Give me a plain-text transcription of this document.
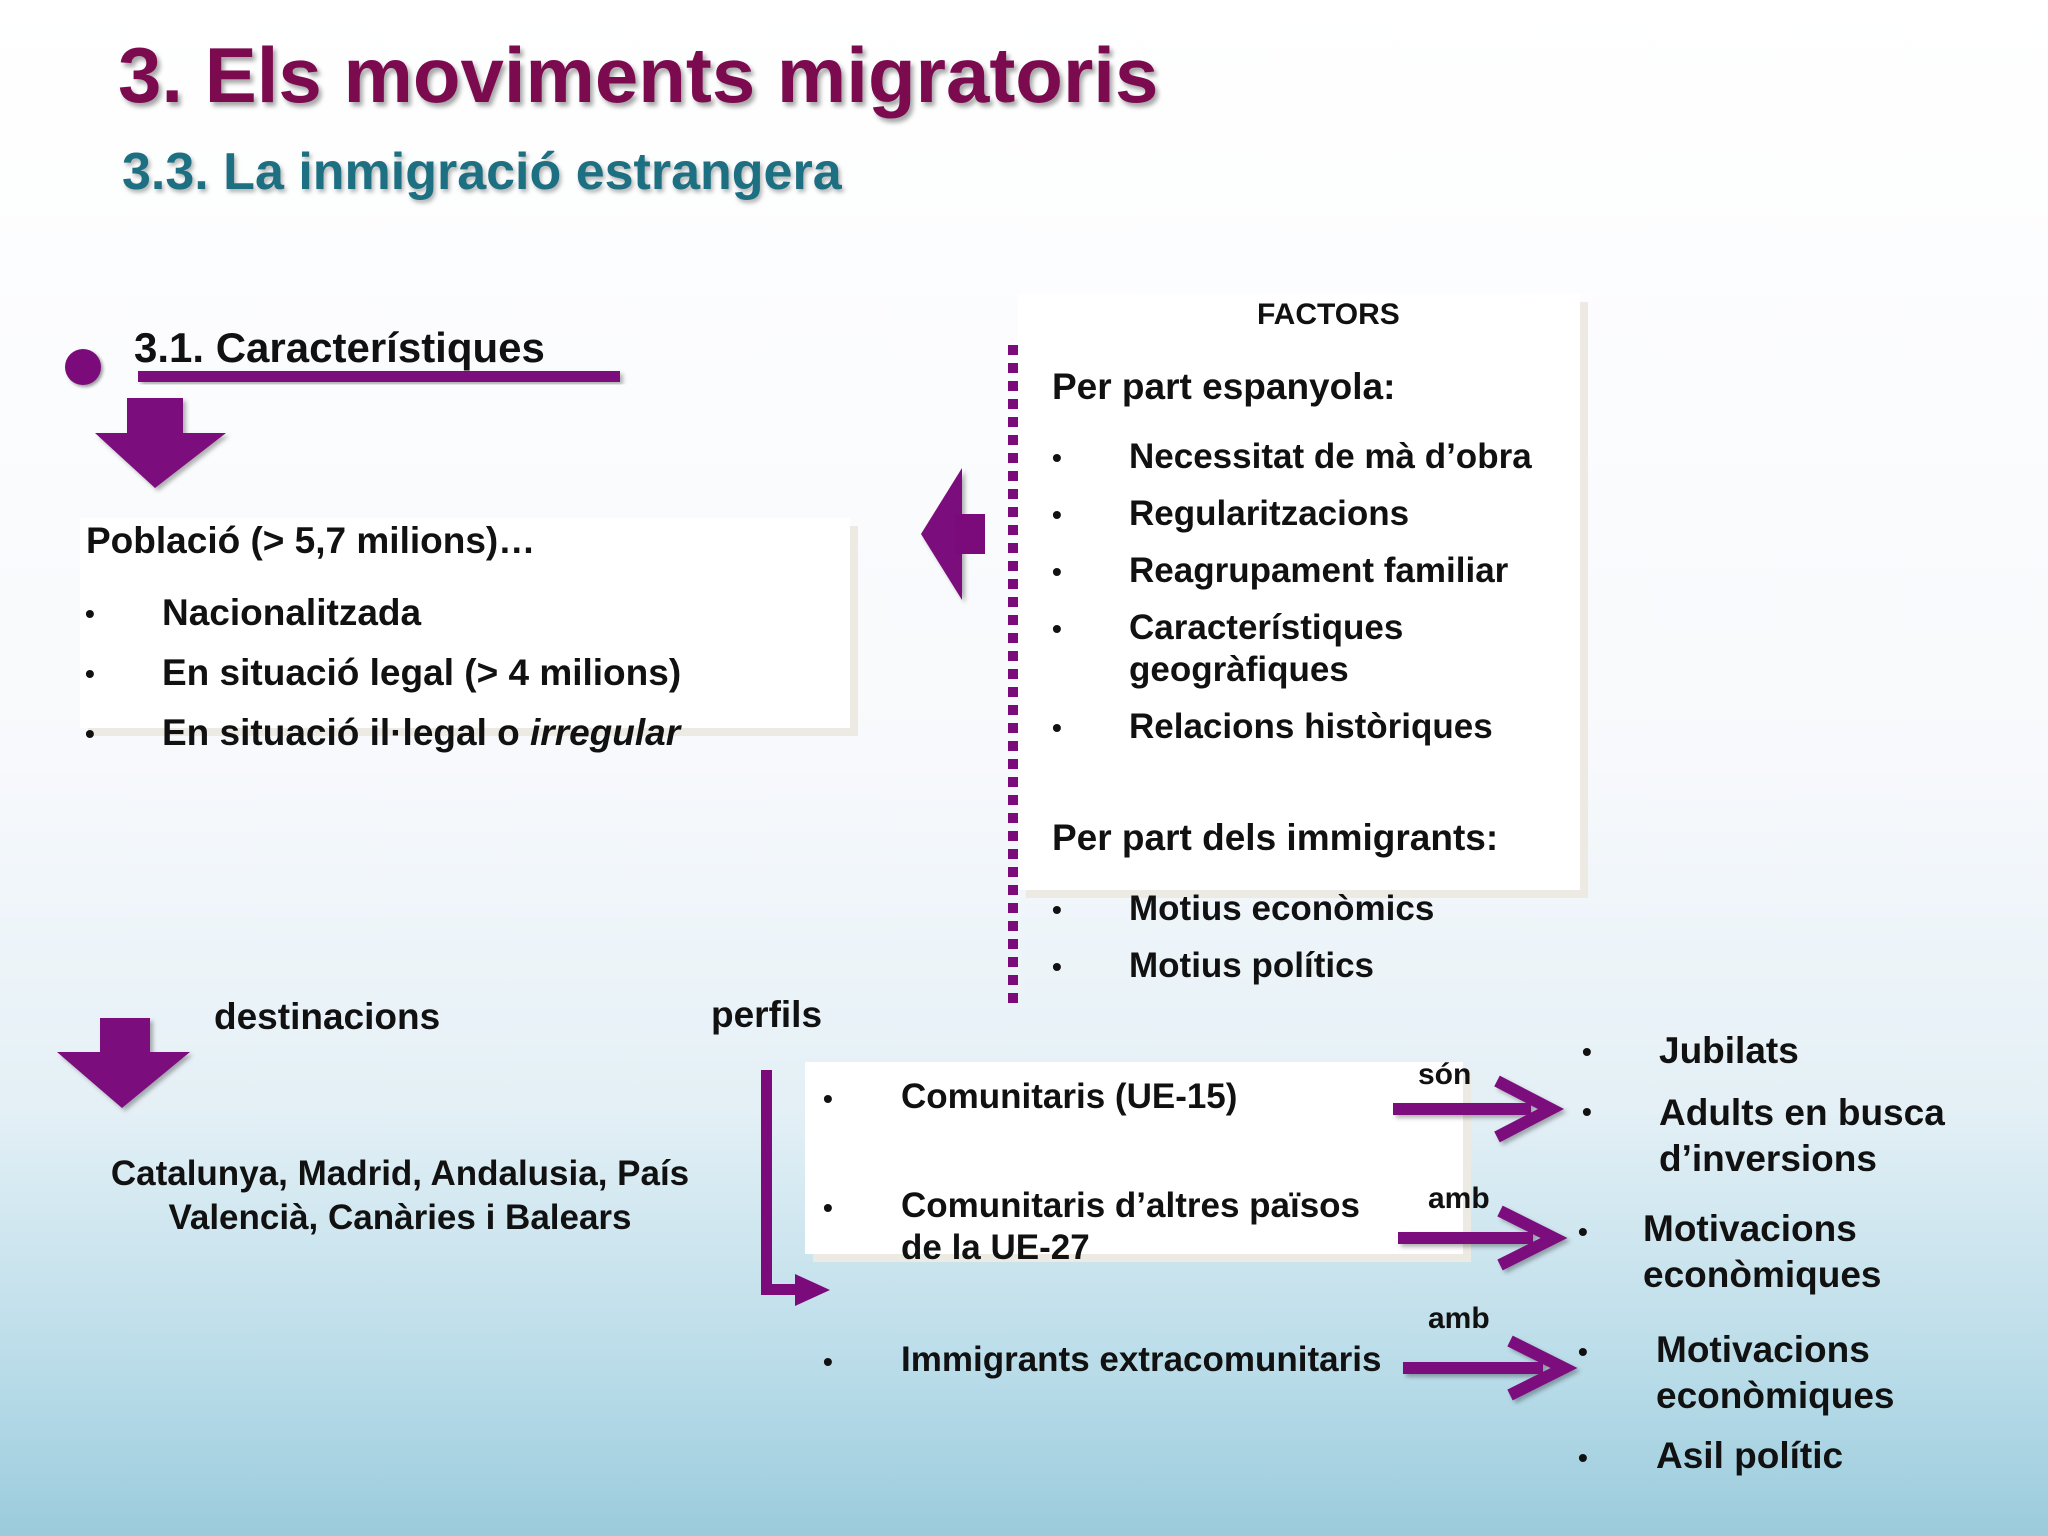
3. Els moviments migratoris
3.3. La inmigració estrangera
3.1. Característiques
Població (> 5,7 milions)…
• Nacionalitzada
• En situació legal (> 4 milions)
• En situació il·legal o irregular
FACTORS
Per part espanyola:
• Necessitat de mà d’obra
• Regularitzacions
• Reagrupament familiar
• Característiques
geogràfiques
• Relacions històriques
Per part dels immigrants:
• Motius econòmics
• Motius polítics
destinacions
Catalunya, Madrid, Andalusia, País
Valencià, Canàries i Balears
perfils
• Comunitaris (UE-15)
• Comunitaris d’altres països
de la UE-27
• Immigrants extracomunitaris
són
amb
amb
• Jubilats
• Adults en busca
d’inversions
• Motivacions
econòmiques
• Motivacions
econòmiques
• Asil polític
